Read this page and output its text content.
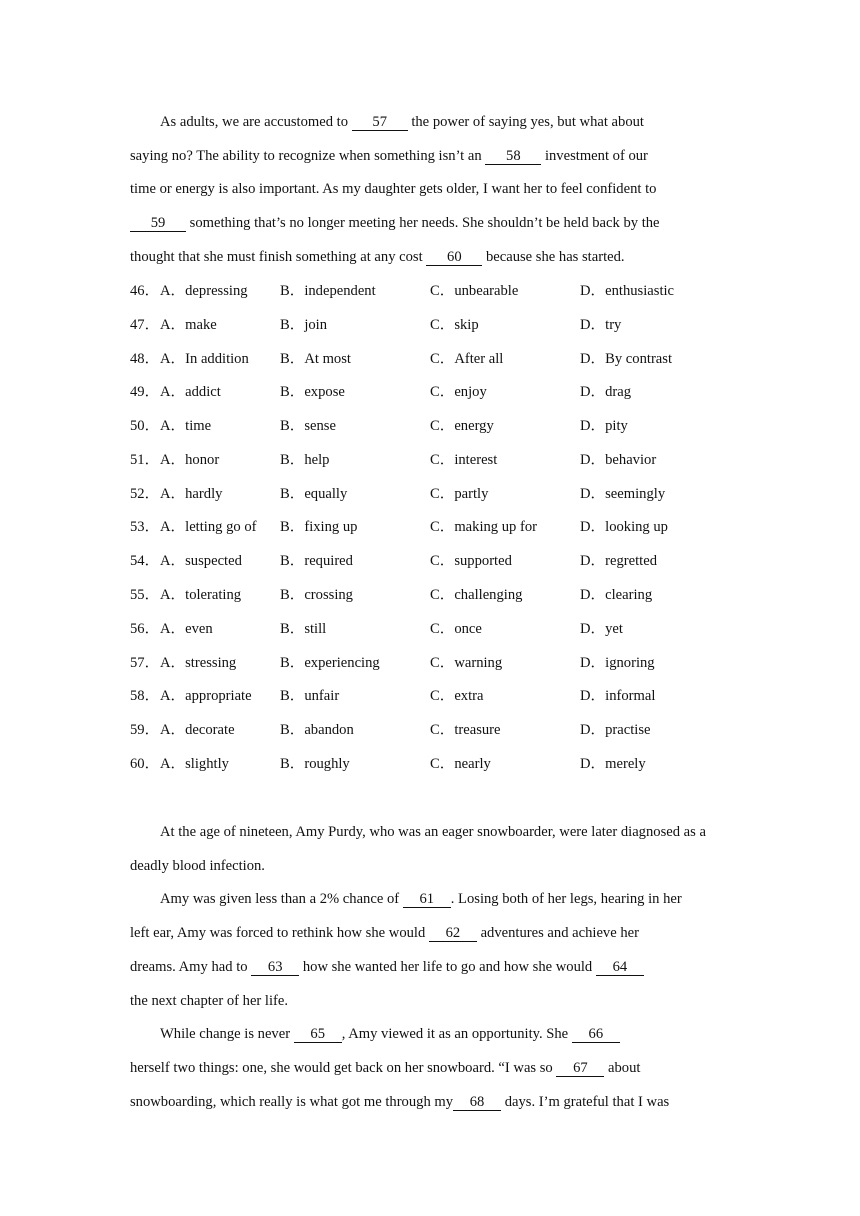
As adults, we are accustomed to 57 the power of saying yes, but what about
saying no? The ability to recognize when something isn’t an 58 investment of our
time or energy is also important. As my daughter gets older, I want her to feel confident to
59 something that’s no longer meeting her needs. She shouldn’t be held back by the
thought that she must finish something at any cost 60 because she has started.
46． A．depressing B．independent	C．unbearable	D．enthusiastic
47． A．make	B．join	C．skip	D．try
48． A．In addition B．At most	C．After all	D．By contrast
49． A．addict	B．expose	C．enjoy	D．drag
50． A．time	B．sense	C．energy	D．pity
51． A．honor	B．help	C．interest	D．behavior
52． A．hardly	B．equally	C．partly	D．seemingly
53． A．letting go of B．fixing up	C．making up for	D．looking up
54． A．suspected	B．required	C．supported	D．regretted
55． A．tolerating	B．crossing	C．challenging	D．clearing
56． A．even	B．still	C．once	D．yet
57． A．stressing	B．experiencing	C．warning	D．ignoring
58． A．appropriate B．unfair	C．extra	D．informal
59． A．decorate	B．abandon	C．treasure	D．practise
60． A．slightly	B．roughly	C．nearly	D．merely
At the age of nineteen, Amy Purdy, who was an eager snowboarder, were later diagnosed as a
deadly blood infection.
Amy was given less than a 2% chance of 61 . Losing both of her legs, hearing in her
left ear, Amy was forced to rethink how she would 62 adventures and achieve her
dreams. Amy had to 63 how she wanted her life to go and how she would 64
the next chapter of her life.
While change is never 65 , Amy viewed it as an opportunity. She 66
herself two things: one, she would get back on her snowboard. “I was so 67 about
snowboarding, which really is what got me through my 68 days. I’m grateful that I was
